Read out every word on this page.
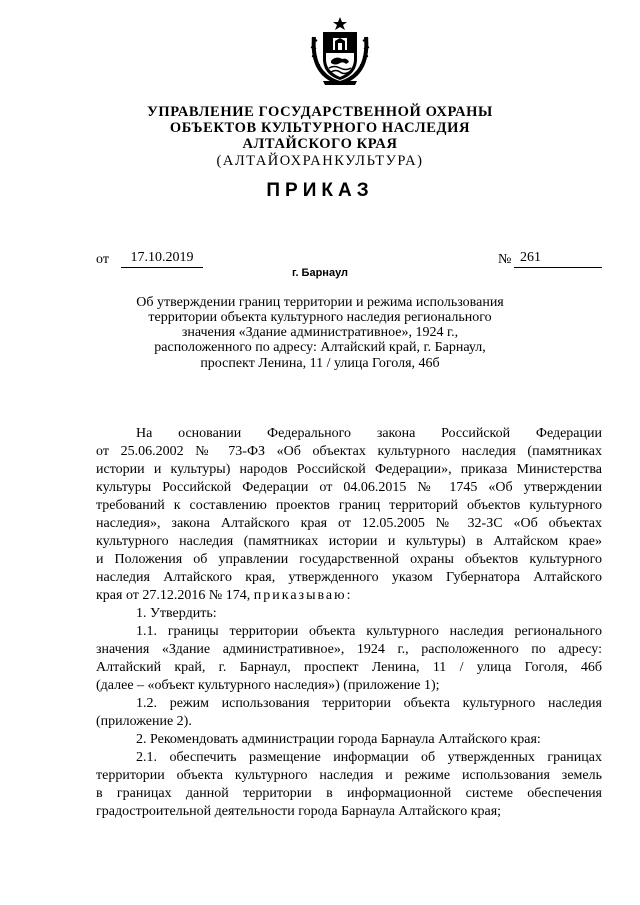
УПРАВЛЕНИЕ ГОСУДАРСТВЕННОЙ ОХРАНЫ
ОБЪЕКТОВ КУЛЬТУРНОГО НАСЛЕДИЯ
АЛТАЙСКОГО КРАЯ
(АЛТАЙОХРАНКУЛЬТУРА)
ПРИКАЗ
от	17.10.2019	№ 261
г. Барнаул
Об утверждении границ территории и режима использования
территории объекта культурного наследия регионального
значения «Здание административное», 1924 г.,
расположенного по адресу: Алтайский край, г. Барнаул,
проспект Ленина, 11 / улица Гоголя, 46б
На основании Федерального закона Российской Федерации
от 25.06.2002 № 73-ФЗ «Об объектах культурного наследия (памятниках
истории и культуры) народов Российской Федерации», приказа Министерства
культуры Российской Федерации от 04.06.2015 № 1745 «Об утверждении
требований к составлению проектов границ территорий объектов культурного
наследия», закона Алтайского края от 12.05.2005 № 32-ЗС «Об объектах
культурного наследия (памятниках истории и культуры) в Алтайском крае»
и Положения об управлении государственной охраны объектов культурного
наследия Алтайского края, утвержденного указом Губернатора Алтайского
края от 27.12.2016 № 174, приказываю:
1. Утвердить:
1.1. границы территории объекта культурного наследия регионального
значения «Здание административное», 1924 г., расположенного по адресу:
Алтайский край, г. Барнаул, проспект Ленина, 11 / улица Гоголя, 46б
(далее – «объект культурного наследия») (приложение 1);
1.2. режим использования территории объекта культурного наследия
(приложение 2).
2. Рекомендовать администрации города Барнаула Алтайского края:
2.1. обеспечить размещение информации об утвержденных границах
территории объекта культурного наследия и режиме использования земель
в границах данной территории в информационной системе обеспечения
градостроительной деятельности города Барнаула Алтайского края;
